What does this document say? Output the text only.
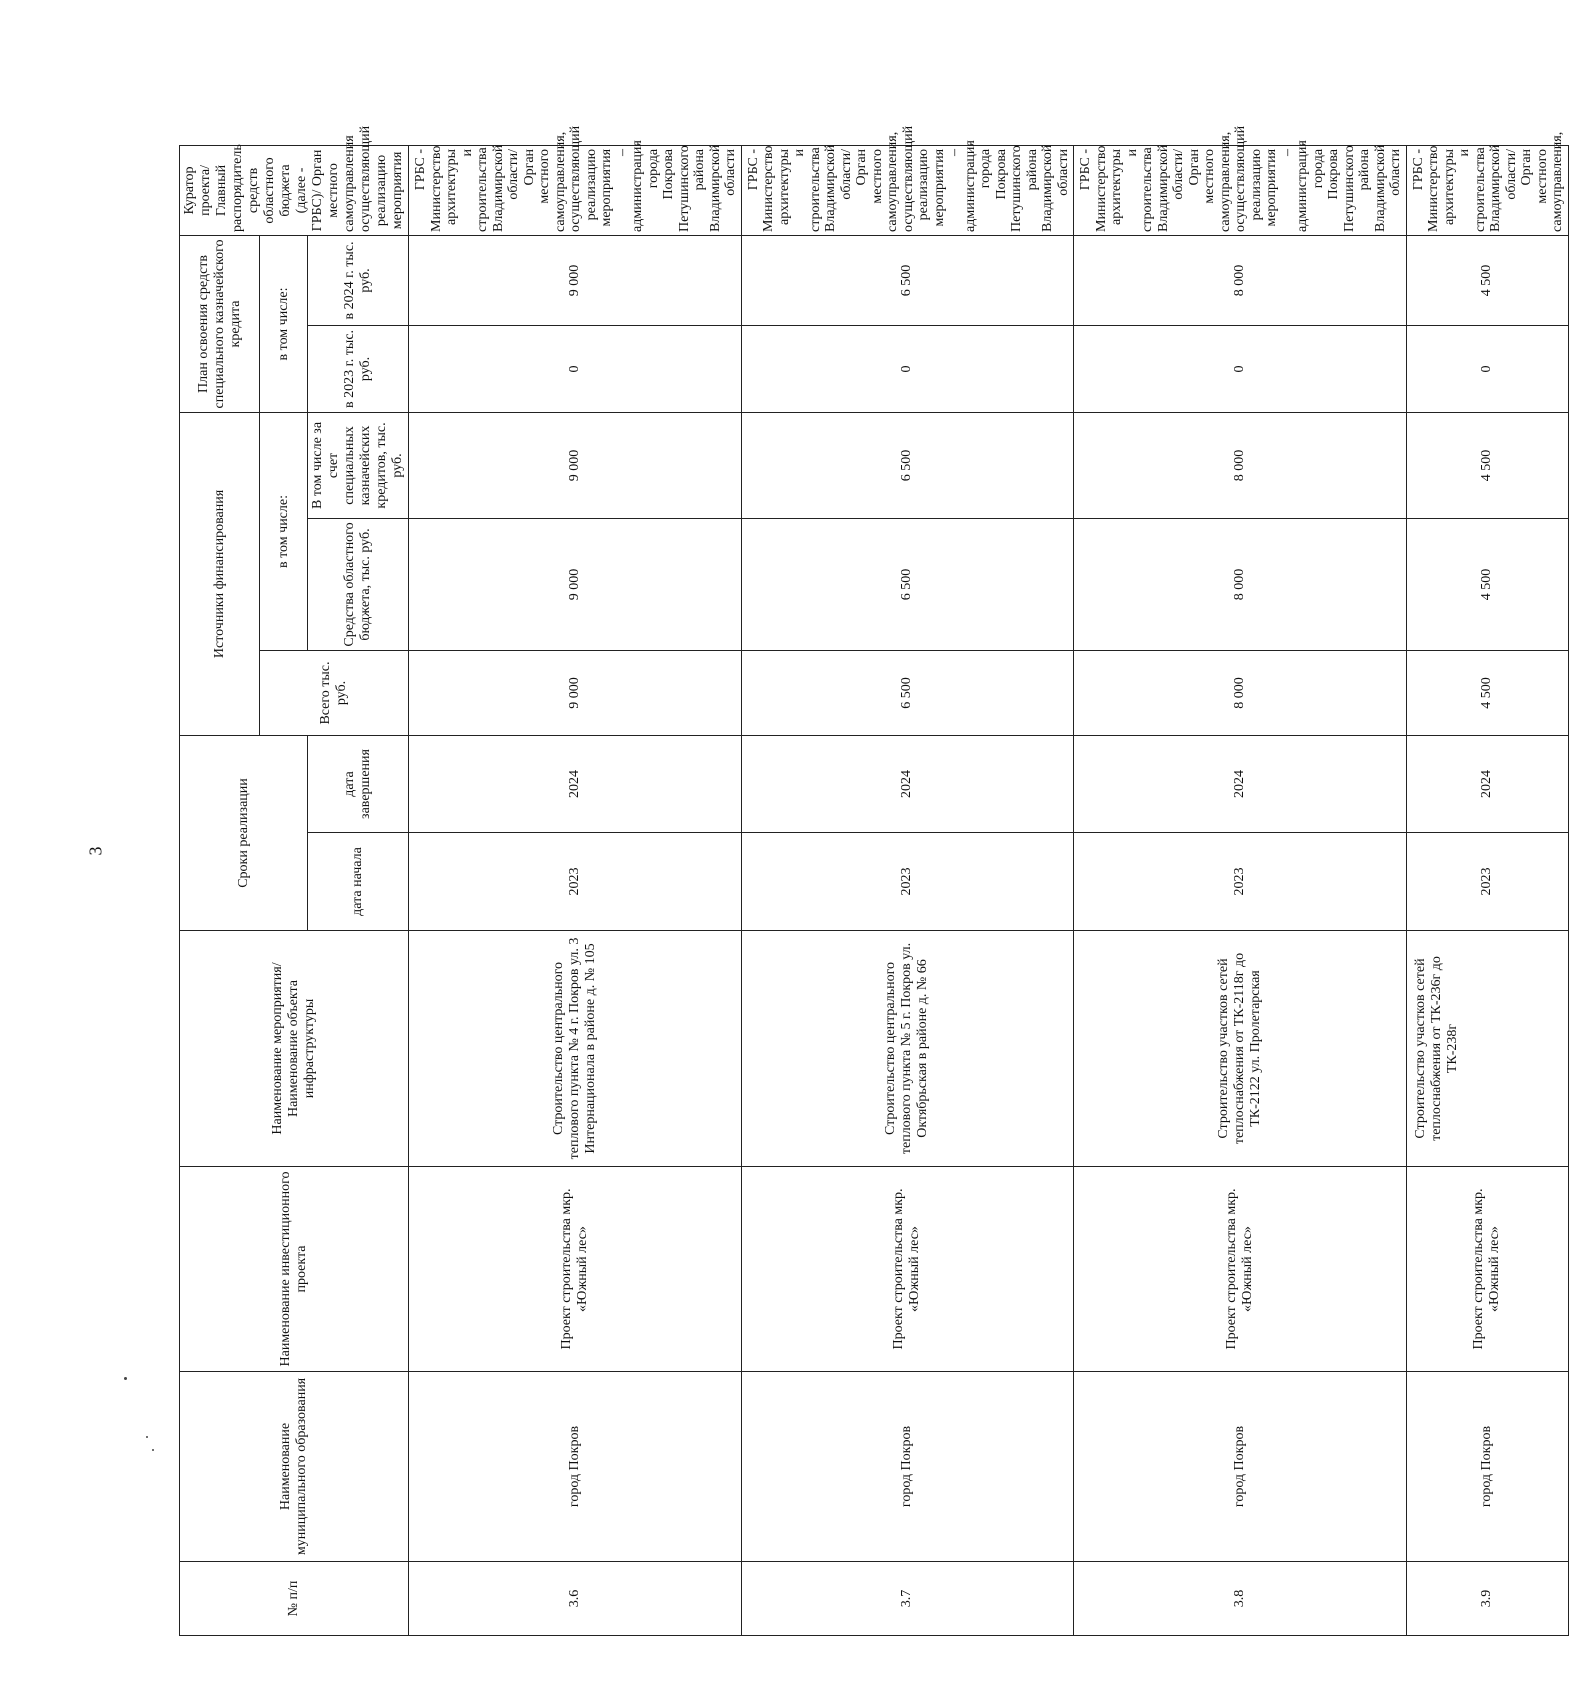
3
№ п/п	Наименование муниципального образования	Наименование инвестиционного проекта	Наименование мероприятия/ Наименование объекта инфраструктуры	Сроки реализации		Источники финансирования			План освоения средств специального казначейского кредита		Куратор проекта/ Главный распорядитель средств областного бюджета (далее - ГРБС)/ Орган местного самоуправления осуществляющий реализацию мероприятия
						Всего тыс. руб.	в том числе:		в том числе:		
				дата начала	дата завершения		Средства областного бюджета, тыс. руб.	В том числе за счет специальных казначейских кредитов, тыс. руб.	в 2023 г. тыс. руб.	в 2024 г. тыс. руб.	
3.6	город Покров	Проект строительства мкр. «Южный лес»	Строительство центрального теплового пункта № 4 г. Покров ул. 3 Интернационала в районе д. № 105	2023	2024	9 000	9 000	9 000	0	9 000	ГРБС - Министерство архитектуры и строительства Владимирской области/ Орган местного самоуправления, осуществляющий реализацию мероприятия – администрация города Покрова Петушинского района Владимирской области
3.7	город Покров	Проект строительства мкр. «Южный лес»	Строительство центрального теплового пункта № 5 г. Покров ул. Октябрьская в районе д. № 66	2023	2024	6 500	6 500	6 500	0	6 500	ГРБС - Министерство архитектуры и строительства Владимирской области/ Орган местного самоуправления, осуществляющий реализацию мероприятия – администрация города Покрова Петушинского района Владимирской области
3.8	город Покров	Проект строительства мкр. «Южный лес»	Строительство участков сетей теплоснабжения от ТК-2118г до ТК-2122 ул. Пролетарская	2023	2024	8 000	8 000	8 000	0	8 000	ГРБС - Министерство архитектуры и строительства Владимирской области/ Орган местного самоуправления, осуществляющий реализацию мероприятия – администрация города Покрова Петушинского района Владимирской области
3.9	город Покров	Проект строительства мкр. «Южный лес»	Строительство участков сетей теплоснабжения от ТК-236г до ТК-238г	2023	2024	4 500	4 500	4 500	0	4 500	ГРБС - Министерство архитектуры и строительства Владимирской области/ Орган местного самоуправления,
